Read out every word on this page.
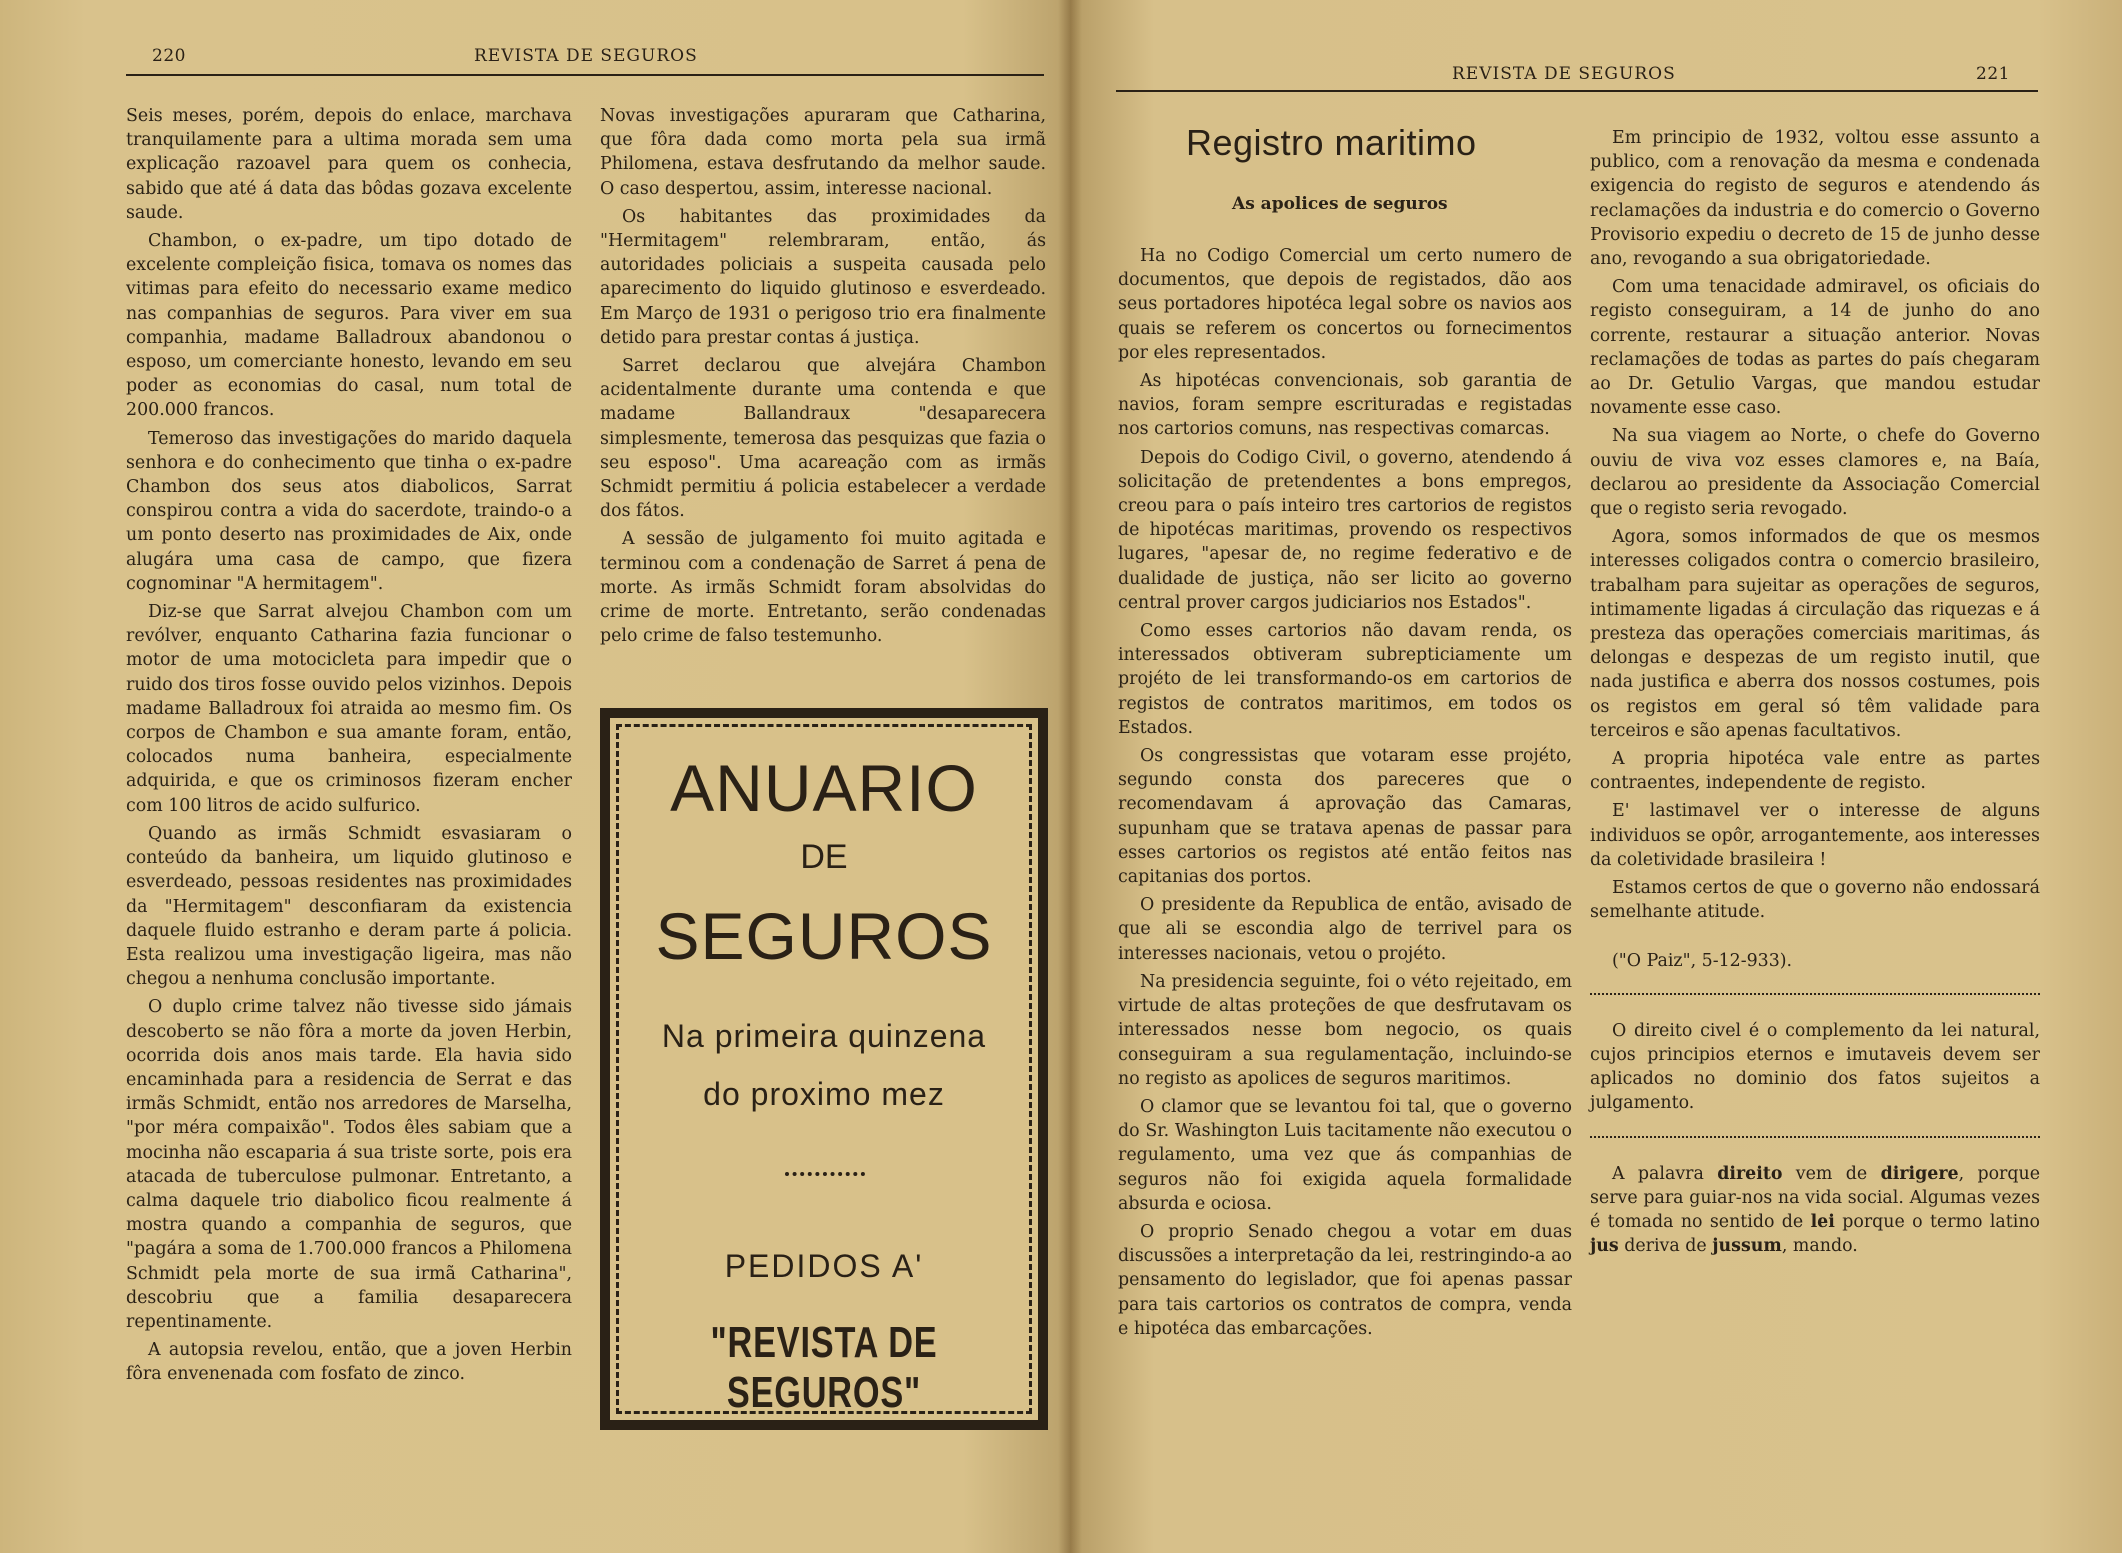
220	REVISTA DE SEGUROS

Seis meses, porém, depois do enlace, marchava tranquilamente para a ultima morada sem uma explicação razoavel para quem os conhecia, sabido que até á data das bôdas gozava excelente saude.

Chambon, o ex-padre, um tipo dotado de excelente compleição fisica, tomava os nomes das vitimas para efeito do necessario exame medico nas companhias de seguros. Para viver em sua companhia, madame Balladroux abandonou o esposo, um comerciante honesto, levando em seu poder as economias do casal, num total de 200.000 francos.

Temeroso das investigações do marido daquela senhora e do conhecimento que tinha o ex-padre Chambon dos seus atos diabolicos, Sarrat conspirou contra a vida do sacerdote, traindo-o a um ponto deserto nas proximidades de Aix, onde alugára uma casa de campo, que fizera cognominar "A hermitagem".

Diz-se que Sarrat alvejou Chambon com um revólver, enquanto Catharina fazia funcionar o motor de uma motocicleta para impedir que o ruido dos tiros fosse ouvido pelos vizinhos. Depois madame Balladroux foi atraida ao mesmo fim. Os corpos de Chambon e sua amante foram, então, colocados numa banheira, especialmente adquirida, e que os criminosos fizeram encher com 100 litros de acido sulfurico.

Quando as irmãs Schmidt esvasiaram o conteúdo da banheira, um liquido glutinoso e esverdeado, pessoas residentes nas proximidades da "Hermitagem" desconfiaram da existencia daquele fluido estranho e deram parte á policia. Esta realizou uma investigação ligeira, mas não chegou a nenhuma conclusão importante.

O duplo crime talvez não tivesse sido jámais descoberto se não fôra a morte da joven Herbin, ocorrida dois anos mais tarde. Ela havia sido encaminhada para a residencia de Serrat e das irmãs Schmidt, então nos arredores de Marselha, "por méra compaixão". Todos êles sabiam que a mocinha não escaparia á sua triste sorte, pois era atacada de tuberculose pulmonar. Entretanto, a calma daquele trio diabolico ficou realmente á mostra quando a companhia de seguros, que "pagára a soma de 1.700.000 francos a Philomena Schmidt pela morte de sua irmã Catharina", descobriu que a familia desaparecera repentinamente.

A autopsia revelou, então, que a joven Herbin fôra envenenada com fosfato de zinco.

Novas investigações apuraram que Catharina, que fôra dada como morta pela sua irmã Philomena, estava desfrutando da melhor saude. O caso despertou, assim, interesse nacional.

Os habitantes das proximidades da "Hermitagem" relembraram, então, ás autoridades policiais a suspeita causada pelo aparecimento do liquido glutinoso e esverdeado. Em Março de 1931 o perigoso trio era finalmente detido para prestar contas á justiça.

Sarret declarou que alvejára Chambon acidentalmente durante uma contenda e que madame Ballandraux "desaparecera simplesmente, temerosa das pesquizas que fazia o seu esposo". Uma acareação com as irmãs Schmidt permitiu á policia estabelecer a verdade dos fátos.

A sessão de julgamento foi muito agitada e terminou com a condenação de Sarret á pena de morte. As irmãs Schmidt foram absolvidas do crime de morte. Entretanto, serão condenadas pelo crime de falso testemunho.

ANUARIO
DE
SEGUROS
Na primeira quinzena
do proximo mez
PEDIDOS A'
"REVISTA DE SEGUROS"
REVISTA DE SEGUROS	221
Registro maritimo
As apolices de seguros

Ha no Codigo Comercial um certo numero de documentos, que depois de registados, dão aos seus portadores hipotéca legal sobre os navios aos quais se referem os concertos ou fornecimentos por eles representados.

As hipotécas convencionais, sob garantia de navios, foram sempre escrituradas e registadas nos cartorios comuns, nas respectivas comarcas.

Depois do Codigo Civil, o governo, atendendo á solicitação de pretendentes a bons empregos, creou para o país inteiro tres cartorios de registos de hipotécas maritimas, provendo os respectivos lugares, "apesar de, no regime federativo e de dualidade de justiça, não ser licito ao governo central prover cargos judiciarios nos Estados".

Como esses cartorios não davam renda, os interessados obtiveram subrepticiamente um projéto de lei transformando-os em cartorios de registos de contratos maritimos, em todos os Estados.

Os congressistas que votaram esse projéto, segundo consta dos pareceres que o recomendavam á aprovação das Camaras, supunham que se tratava apenas de passar para esses cartorios os registos até então feitos nas capitanias dos portos.

O presidente da Republica de então, avisado de que ali se escondia algo de terrivel para os interesses nacionais, vetou o projéto.

Na presidencia seguinte, foi o véto rejeitado, em virtude de altas proteções de que desfrutavam os interessados nesse bom negocio, os quais conseguiram a sua regulamentação, incluindo-se no registo as apolices de seguros maritimos.

O clamor que se levantou foi tal, que o governo do Sr. Washington Luis tacitamente não executou o regulamento, uma vez que ás companhias de seguros não foi exigida aquela formalidade absurda e ociosa.

O proprio Senado chegou a votar em duas discussões a interpretação da lei, restringindo-a ao pensamento do legislador, que foi apenas passar para tais cartorios os contratos de compra, venda e hipotéca das embarcações.

Em principio de 1932, voltou esse assunto a publico, com a renovação da mesma e condenada exigencia do registo de seguros e atendendo ás reclamações da industria e do comercio o Governo Provisorio expediu o decreto de 15 de junho desse ano, revogando a sua obrigatoriedade.

Com uma tenacidade admiravel, os oficiais do registo conseguiram, a 14 de junho do ano corrente, restaurar a situação anterior. Novas reclamações de todas as partes do país chegaram ao Dr. Getulio Vargas, que mandou estudar novamente esse caso.

Na sua viagem ao Norte, o chefe do Governo ouviu de viva voz esses clamores e, na Baía, declarou ao presidente da Associação Comercial que o registo seria revogado.

Agora, somos informados de que os mesmos interesses coligados contra o comercio brasileiro, trabalham para sujeitar as operações de seguros, intimamente ligadas á circulação das riquezas e á presteza das operações comerciais maritimas, ás delongas e despezas de um registo inutil, que nada justifica e aberra dos nossos costumes, pois os registos em geral só têm validade para terceiros e são apenas facultativos.

A propria hipotéca vale entre as partes contraentes, independente de registo.

E' lastimavel ver o interesse de alguns individuos se opôr, arrogantemente, aos interesses da coletividade brasileira !

Estamos certos de que o governo não endossará semelhante atitude.

("O Paiz", 5-12-933).

O direito civel é o complemento da lei natural, cujos principios eternos e imutaveis devem ser aplicados no dominio dos fatos sujeitos a julgamento.

A palavra direito vem de dirigere, porque serve para guiar-nos na vida social. Algumas vezes é tomada no sentido de lei porque o termo latino jus deriva de jussum, mando.
